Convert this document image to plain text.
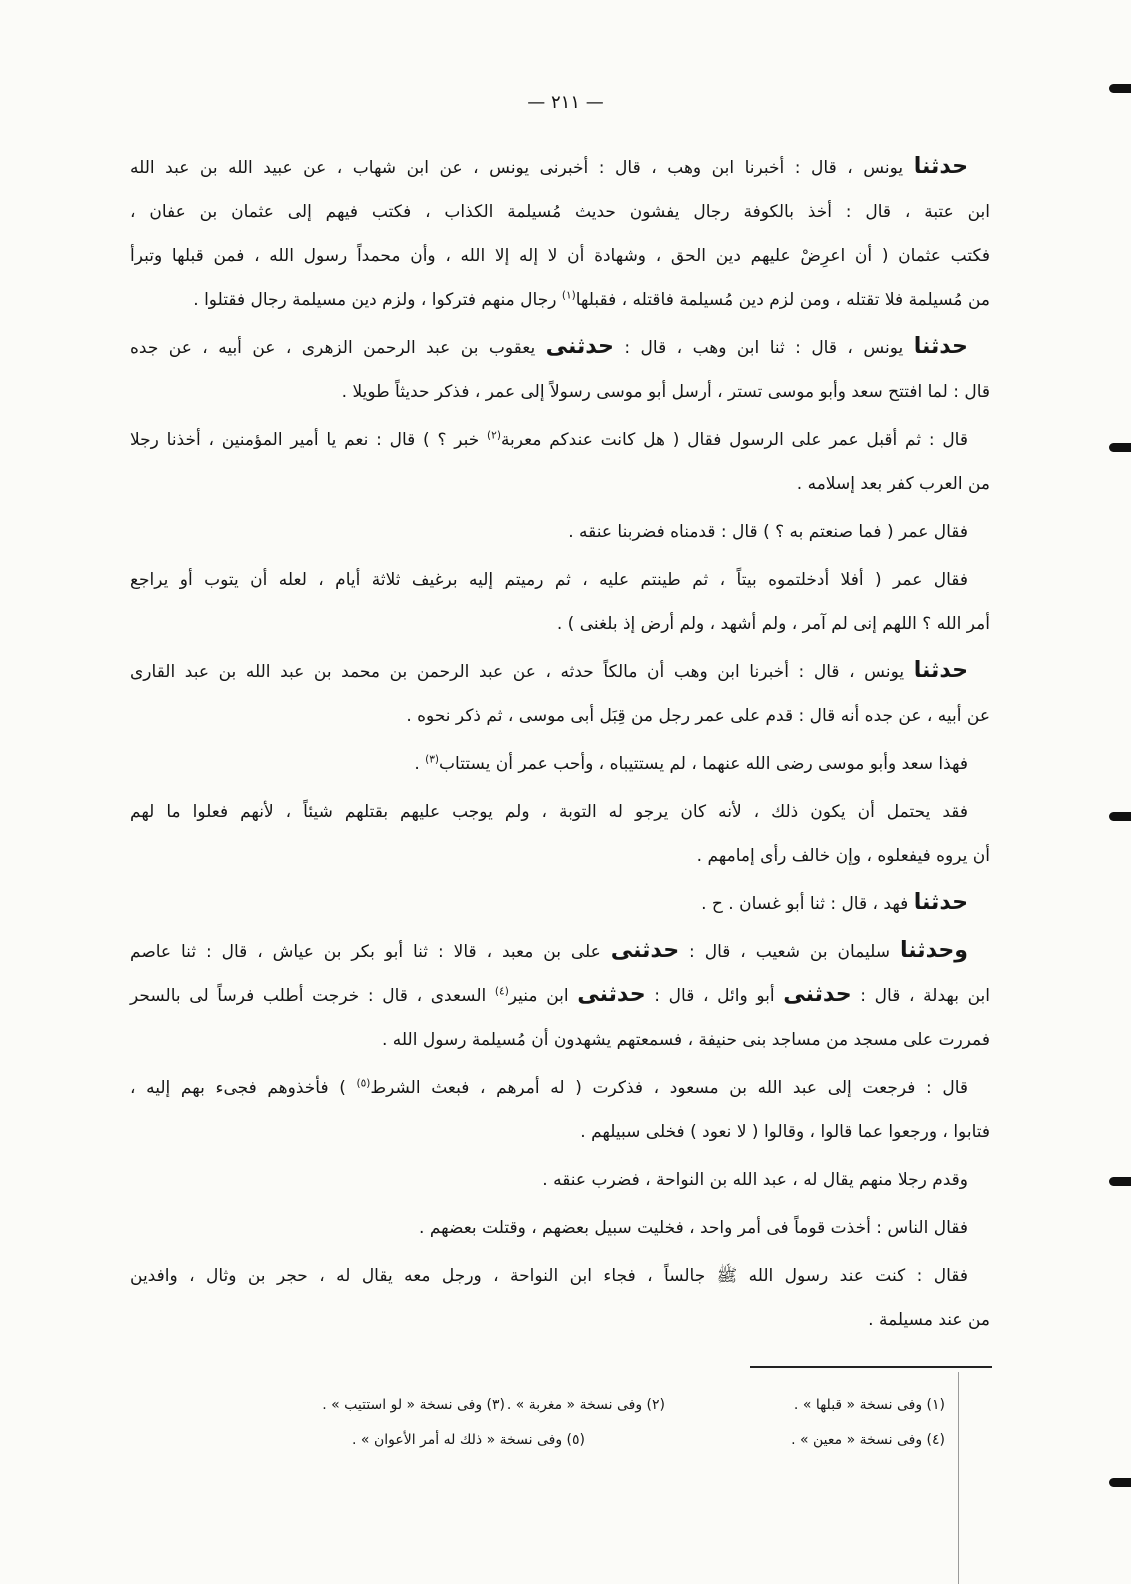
— ٢١١ —
حدثنا يونس ، قال : أخبرنا ابن وهب ، قال : أخبرنى يونس ، عن ابن شهاب ، عن عبيد الله بن عبد الله
ابن عتبة ، قال : أخذ بالكوفة رجال يفشون حديث مُسيلمة الكذاب ، فكتب فيهم إلى عثمان بن عفان ،
فكتب عثمان ( أن اعرِضْ عليهم دين الحق ، وشهادة أن لا إله إلا الله ، وأن محمداً رسول الله ، فمن قبلها وتبرأ
من مُسيلمة فلا تقتله ، ومن لزم دين مُسيلمة فاقتله ، فقبلها$^{(١)}$ رجال منهم فتركوا ، ولزم دين مسيلمة رجال فقتلوا .
حدثنا يونس ، قال : ثنا ابن وهب ، قال : حدثنى يعقوب بن عبد الرحمن الزهرى ، عن أبيه ، عن جده
قال : لما افتتح سعد وأبو موسى تستر ، أرسل أبو موسى رسولاً إلى عمر ، فذكر حديثاً طويلا .
قال : ثم أقبل عمر على الرسول فقال ( هل كانت عندكم معربة$^{(٢)}$ خبر ؟ ) قال : نعم يا أمير المؤمنين ، أخذنا رجلا
من العرب كفر بعد إسلامه .
فقال عمر ( فما صنعتم به ؟ ) قال : قدمناه فضربنا عنقه .
فقال عمر ( أفلا أدخلتموه بيتاً ، ثم طينتم عليه ، ثم رميتم إليه برغيف ثلاثة أيام ، لعله أن يتوب أو يراجع
أمر الله ؟ اللهم إنى لم آمر ، ولم أشهد ، ولم أرض إذ بلغنى ) .
حدثنا يونس ، قال : أخبرنا ابن وهب أن مالكاً حدثه ، عن عبد الرحمن بن محمد بن عبد الله بن عبد القارى
عن أبيه ، عن جده أنه قال : قدم على عمر رجل من قِبَل أبى موسى ، ثم ذكر نحوه .
فهذا سعد وأبو موسى رضى الله عنهما ، لم يستتيباه ، وأحب عمر أن يستتاب$^{(٣)}$ .
فقد يحتمل أن يكون ذلك ، لأنه كان يرجو له التوبة ، ولم يوجب عليهم بقتلهم شيئاً ، لأنهم فعلوا ما لهم
أن يروه فيفعلوه ، وإن خالف رأى إمامهم .
حدثنا فهد ، قال : ثنا أبو غسان . ح .
وحدثنا سليمان بن شعيب ، قال : حدثنى على بن معبد ، قالا : ثنا أبو بكر بن عياش ، قال : ثنا عاصم
ابن بهدلة ، قال : حدثنى أبو وائل ، قال : حدثنى ابن منير$^{(٤)}$ السعدى ، قال : خرجت أطلب فرساً لى بالسحر
فمررت على مسجد من مساجد بنى حنيفة ، فسمعتهم يشهدون أن مُسيلمة رسول الله .
قال : فرجعت إلى عبد الله بن مسعود ، فذكرت ( له أمرهم ، فبعث الشرط$^{(٥)}$ ) فأخذوهم فجىء بهم إليه ،
فتابوا ، ورجعوا عما قالوا ، وقالوا ( لا نعود ) فخلى سبيلهم .
وقدم رجلا منهم يقال له ، عبد الله بن النواحة ، فضرب عنقه .
فقال الناس : أخذت قوماً فى أمر واحد ، فخليت سبيل بعضهم ، وقتلت بعضهم .
فقال : كنت عند رسول الله ﷺ جالساً ، فجاء ابن النواحة ، ورجل معه يقال له ، حجر بن وثال ، وافدين
من عند مسيلمة .
(١) وفى نسخة « قبلها » .
(٢) وفى نسخة « مغربة » .
(٣) وفى نسخة « لو استتيب » .
(٤) وفى نسخة « معين » .
(٥) وفى نسخة « ذلك له أمر الأعوان » .
